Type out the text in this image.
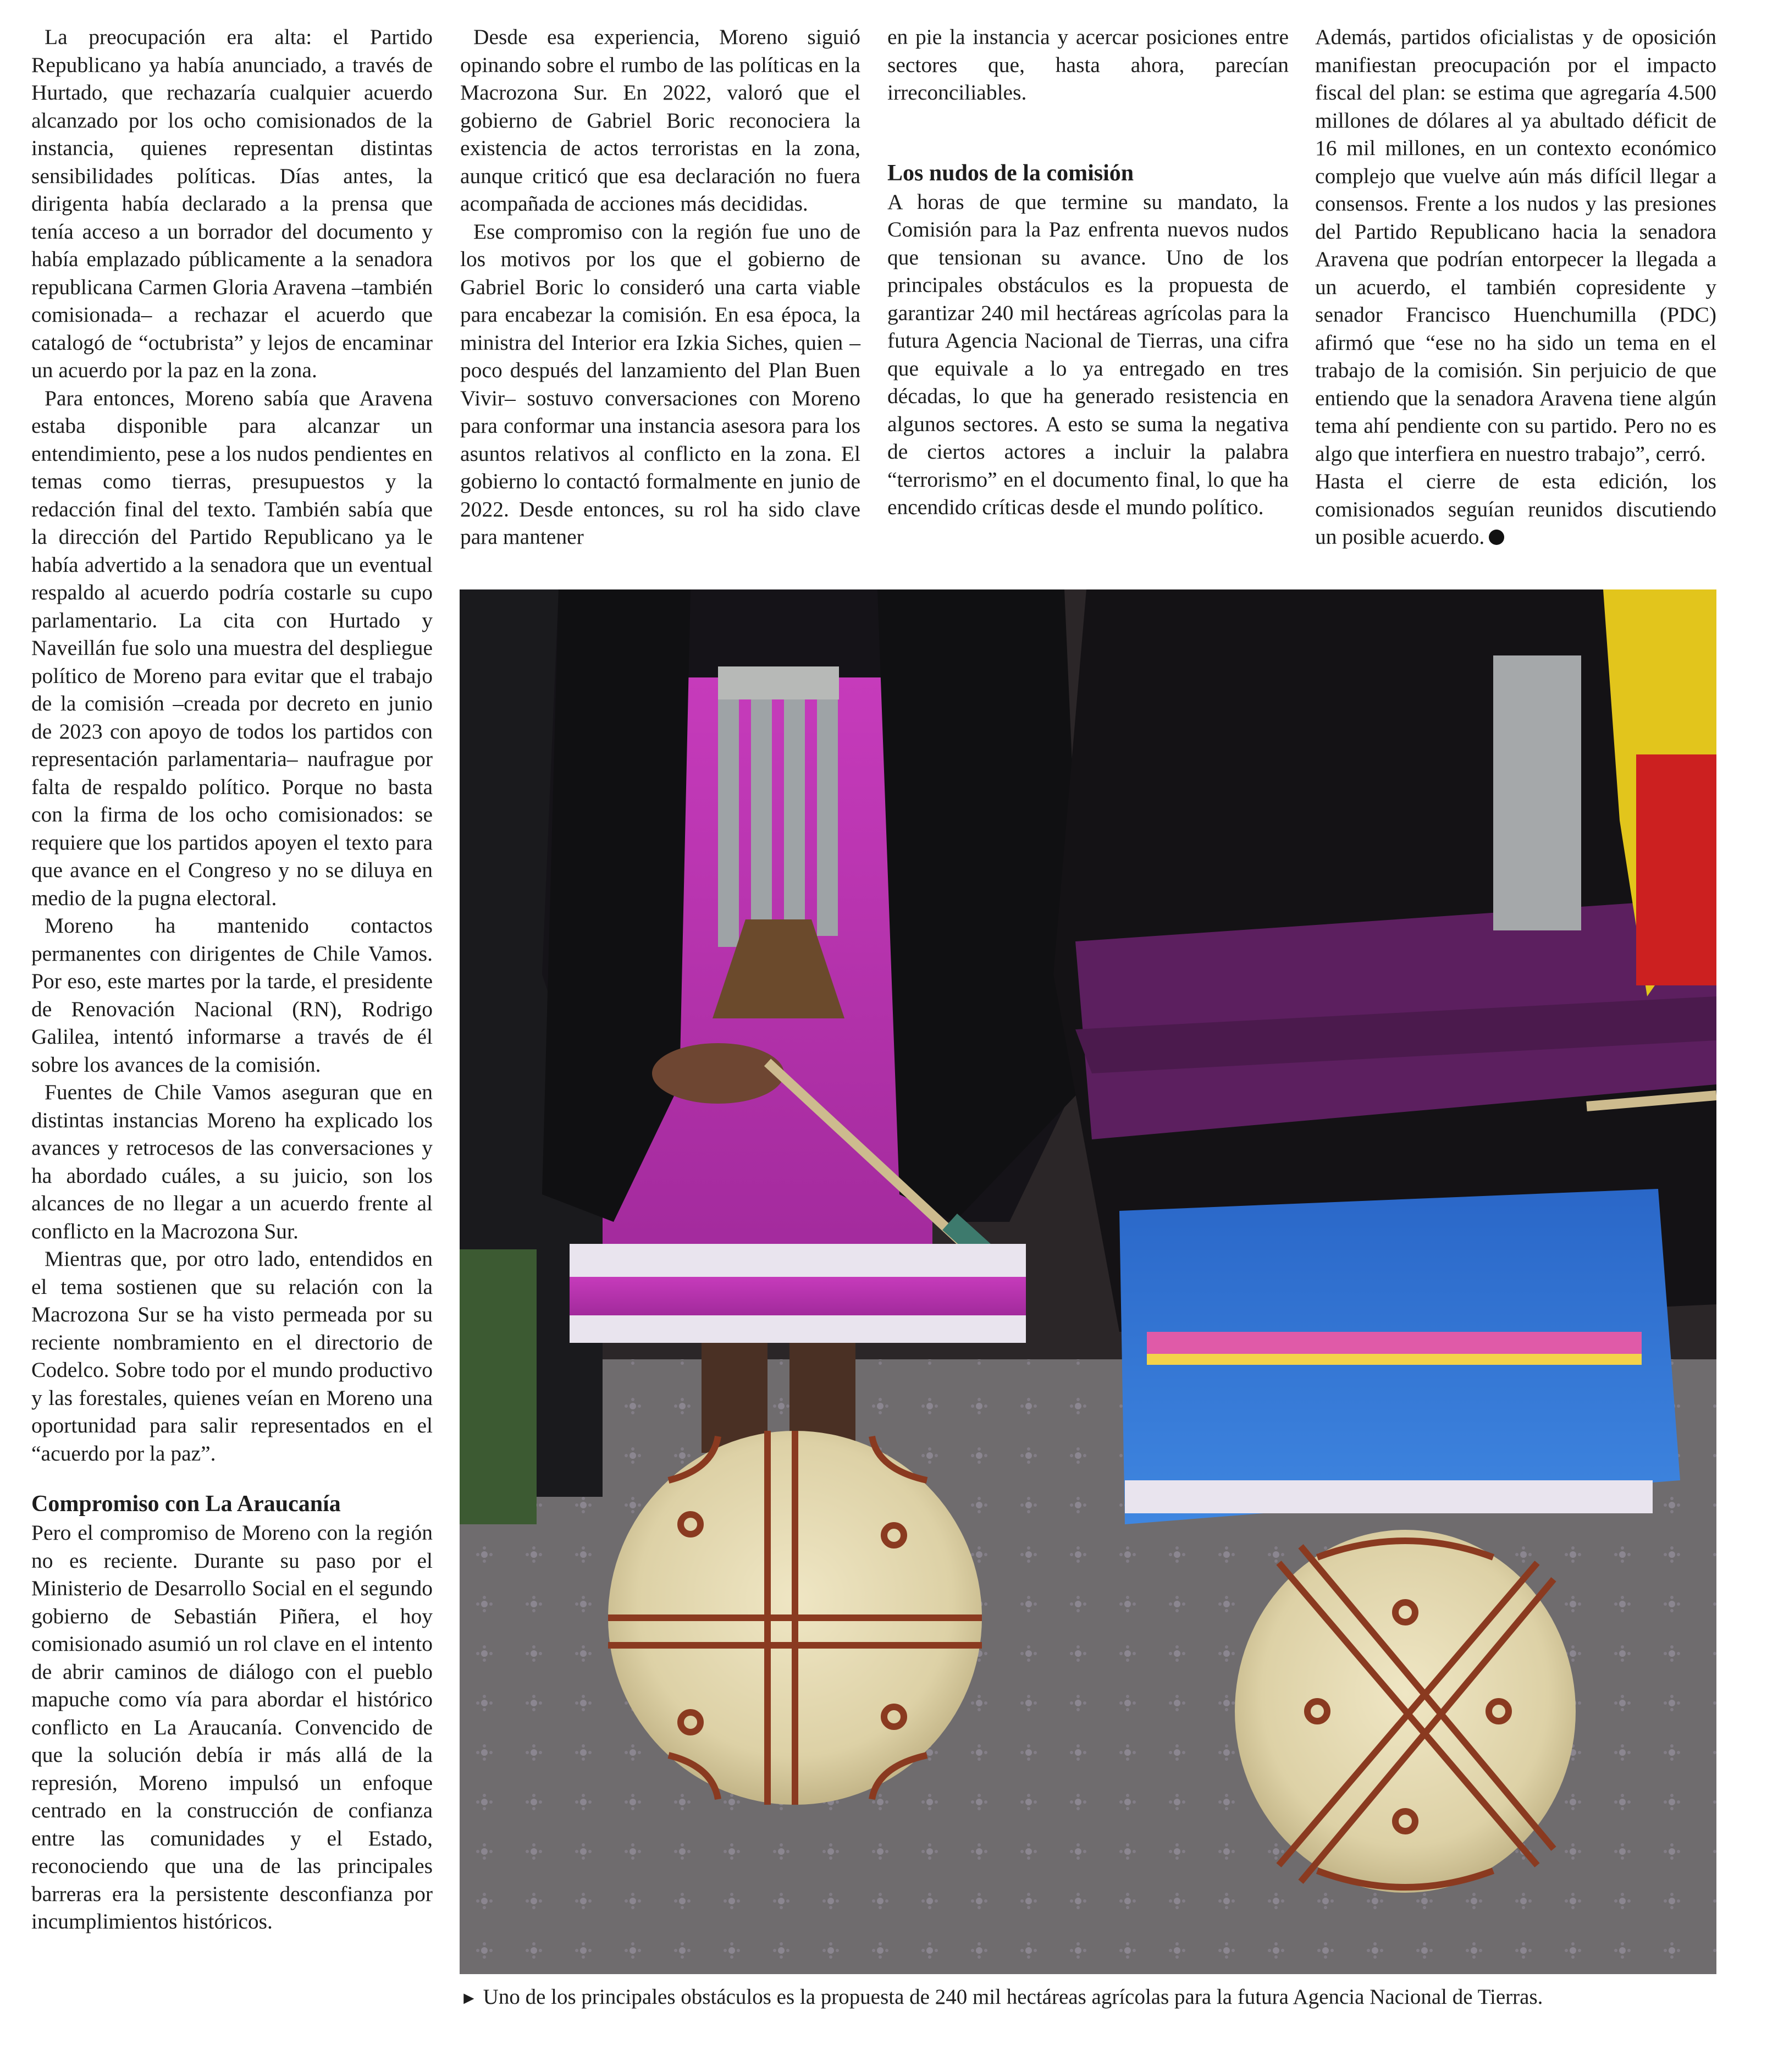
La preocupación era alta: el Partido Republicano ya había anunciado, a través de Hurtado, que rechazaría cualquier acuerdo alcanzado por los ocho comisionados de la instancia, quienes representan distintas sensibilidades políticas. Días antes, la dirigenta había declarado a la prensa que tenía acceso a un borrador del documento y había emplazado públicamente a la senadora republicana Carmen Gloria Aravena –también comisionada– a rechazar el acuerdo que catalogó de “octubrista” y lejos de encaminar un acuerdo por la paz en la zona.

Para entonces, Moreno sabía que Aravena estaba disponible para alcanzar un entendimiento, pese a los nudos pendientes en temas como tierras, presupuestos y la redacción final del texto. También sabía que la dirección del Partido Republicano ya le había advertido a la senadora que un eventual respaldo al acuerdo podría costarle su cupo parlamentario. La cita con Hurtado y Naveillán fue solo una muestra del despliegue político de Moreno para evitar que el trabajo de la comisión –creada por decreto en junio de 2023 con apoyo de todos los partidos con representación parlamentaria– naufrague por falta de respaldo político. Porque no basta con la firma de los ocho comisionados: se requiere que los partidos apoyen el texto para que avance en el Congreso y no se diluya en medio de la pugna electoral.

Moreno ha mantenido contactos permanentes con dirigentes de Chile Vamos. Por eso, este martes por la tarde, el presidente de Renovación Nacional (RN), Rodrigo Galilea, intentó informarse a través de él sobre los avances de la comisión.

Fuentes de Chile Vamos aseguran que en distintas instancias Moreno ha explicado los avances y retrocesos de las conversaciones y ha abordado cuáles, a su juicio, son los alcances de no llegar a un acuerdo frente al conflicto en la Macrozona Sur.

Mientras que, por otro lado, entendidos en el tema sostienen que su relación con la Macrozona Sur se ha visto permeada por su reciente nombramiento en el directorio de Codelco. Sobre todo por el mundo productivo y las forestales, quienes veían en Moreno una oportunidad para salir representados en el “acuerdo por la paz”.

Compromiso con La Araucanía

Pero el compromiso de Moreno con la región no es reciente. Durante su paso por el Ministerio de Desarrollo Social en el segundo gobierno de Sebastián Piñera, el hoy comisionado asumió un rol clave en el intento de abrir caminos de diálogo con el pueblo mapuche como vía para abordar el histórico conflicto en La Araucanía. Convencido de que la solución debía ir más allá de la represión, Moreno impulsó un enfoque centrado en la construcción de confianza entre las comunidades y el Estado, reconociendo que una de las principales barreras era la persistente desconfianza por incumplimientos históricos.

Desde esa experiencia, Moreno siguió opinando sobre el rumbo de las políticas en la Macrozona Sur. En 2022, valoró que el gobierno de Gabriel Boric reconociera la existencia de actos terroristas en la zona, aunque criticó que esa declaración no fuera acompañada de acciones más decididas.

Ese compromiso con la región fue uno de los motivos por los que el gobierno de Gabriel Boric lo consideró una carta viable para encabezar la comisión. En esa época, la ministra del Interior era Izkia Siches, quien –poco después del lanzamiento del Plan Buen Vivir– sostuvo conversaciones con Moreno para conformar una instancia asesora para los asuntos relativos al conflicto en la zona. El gobierno lo contactó formalmente en junio de 2022. Desde entonces, su rol ha sido clave para mantener

en pie la instancia y acercar posiciones entre sectores que, hasta ahora, parecían irreconciliables.

Los nudos de la comisión

A horas de que termine su mandato, la Comisión para la Paz enfrenta nuevos nudos que tensionan su avance. Uno de los principales obstáculos es la propuesta de garantizar 240 mil hectáreas agrícolas para la futura Agencia Nacional de Tierras, una cifra que equivale a lo ya entregado en tres décadas, lo que ha generado resistencia en algunos sectores. A esto se suma la negativa de ciertos actores a incluir la palabra “terrorismo” en el documento final, lo que ha encendido críticas desde el mundo político.

Además, partidos oficialistas y de oposición manifiestan preocupación por el impacto fiscal del plan: se estima que agregaría 4.500 millones de dólares al ya abultado déficit de 16 mil millones, en un contexto económico complejo que vuelve aún más difícil llegar a consensos. Frente a los nudos y las presiones del Partido Republicano hacia la senadora Aravena que podrían entorpecer la llegada a un acuerdo, el también copresidente y senador Francisco Huenchumilla (PDC) afirmó que “ese no ha sido un tema en el trabajo de la comisión. Sin perjuicio de que entiendo que la senadora Aravena tiene algún tema ahí pendiente con su partido. Pero no es algo que interfiera en nuestro trabajo”, cerró.

Hasta el cierre de esta edición, los comisionados seguían reunidos discutiendo un posible acuerdo.

► Uno de los principales obstáculos es la propuesta de 240 mil hectáreas agrícolas para la futura Agencia Nacional de Tierras.
